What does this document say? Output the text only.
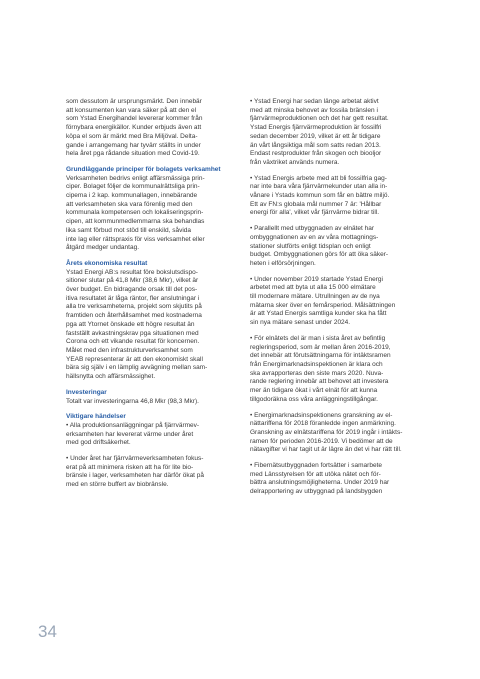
som dessutom är ursprungsmärkt. Den innebär
att konsumenten kan vara säker på att den el
som Ystad Energihandel levererar kommer från
förnybara energikällor. Kunder erbjuds även att
köpa el som är märkt med Bra Miljöval. Delta-
gande i arrangemang har tyvärr ställts in under
hela året pga rådande situation med Covid-19.

Grundläggande principer för bolagets verksamhet

Verksamheten bedrivs enligt affärsmässiga prin-
ciper. Bolaget följer de kommunalrättsliga prin-
cipema i 2 kap. kommunallagen, innebärande
att verksamheten ska vara förenlig med den
kommunala kompetensen och lokaliseringsprin-
cipen, att kommunmedlemmarna ska behandlas
lika samt förbud mot stöd till enskild, såvida
inte lag eller rättspraxis för viss verksamhet eller
åtgärd medger undantag.

Årets ekonomiska resultat

Ystad Energi AB:s resultat före bokslutsdispo-
sitioner slutar på 41,8 Mkr (38,6 Mkr), vilket är
över budget. En bidragande orsak till det pos-
itiva resultatet är låga räntor, fler anslutningar i
alla tre verksamheterna, projekt som skjutits på
framtiden och återhållsamhet med kostnaderna
pga att Ytornet önskade ett högre resultat än
fastställt avkastningskrav pga situationen med
Corona och ett vikande resultat för koncernen.
Målet med den infrastrukturverksamhet som
YEAB representerar är att den ekonomiskt skall
bära sig själv i en lämplig avvägning mellan sam-
hällsnytta och affärsmässighet.

Investeringar

Totalt var investeringarna 46,8 Mkr (98,3 Mkr).

Viktigare händelser

• Alla produktionsanläggningar på fjärrvärmev-
erksamheten har levererat värme under året
med god driftsäkerhet.

• Under året har fjärrvärmeverksamheten fokus-
erat på att minimera risken att ha för lite bio-
bränsle i lager, verksamheten har därför ökat på
med en större buffert av biobränsle.

• Ystad Energi har sedan länge arbetat aktivt
med att minska behovet av fossila bränslen i
fjärrvärmeproduktionen och det har gett resultat.
Ystad Energis fjärrvärmeproduktion är fossilfri
sedan december 2019, vilket är ett år tidigare
än vårt långsiktiga mål som satts redan 2013.
Endast restprodukter från skogen och biooljor
från växtriket används numera.

• Ystad Energis arbete med att bli fossilfria gag-
nar inte bara våra fjärrvärmekunder utan alla in-
vånare i Ystads kommun som får en bättre miljö.
Ett av FN:s globala mål nummer 7 är: 'Hållbar
energi för alla', vilket vår fjärrvärme bidrar till.

• Parallellt med utbyggnaden av elnätet har
ombyggnationen av en av våra mottagnings-
stationer slutförts enligt tidsplan och enligt
budget. Ombyggnationen görs för att öka säker-
heten i elförsörjningen.

• Under november 2019 startade Ystad Energi
arbetet med att byta ut alla 15 000 elmätare
till modernare mätare. Utrullningen av de nya
mätarna sker över en femårsperiod. Målsättningen
är att Ystad Energis samtliga kunder ska ha fått
sin nya mätare senast under 2024.

• För elnätets del är man i sista året av befintlig
regleringsperiod, som är mellan åren 2016-2019,
det innebär att förutsättningarna för intäktsramen
från Energimarknadsinspektionen är klara och
ska avrapporteras den siste mars 2020. Nuva-
rande reglering innebär att behovet att investera
mer än tidigare ökat i vårt elnät för att kunna
tillgodoräkna oss våra anläggningstillgångar.

• Energimarknadsinspektionens granskning av el-
nättariffena för 2018 föranledde ingen anmärkning.
Granskning av elnätstariffena för 2019 ingår i intäkts-
ramen för perioden 2016-2019. Vi bedömer att de
nätavgifter vi har tagit ut är lägre än det vi har rätt till.

• Fibernätsutbyggnaden fortsätter i samarbete
med Länsstyrelsen för att utöka nätet och för-
bättra anslutningsmöjligheterna. Under 2019 har
delrapportering av utbyggnad på landsbygden

34
